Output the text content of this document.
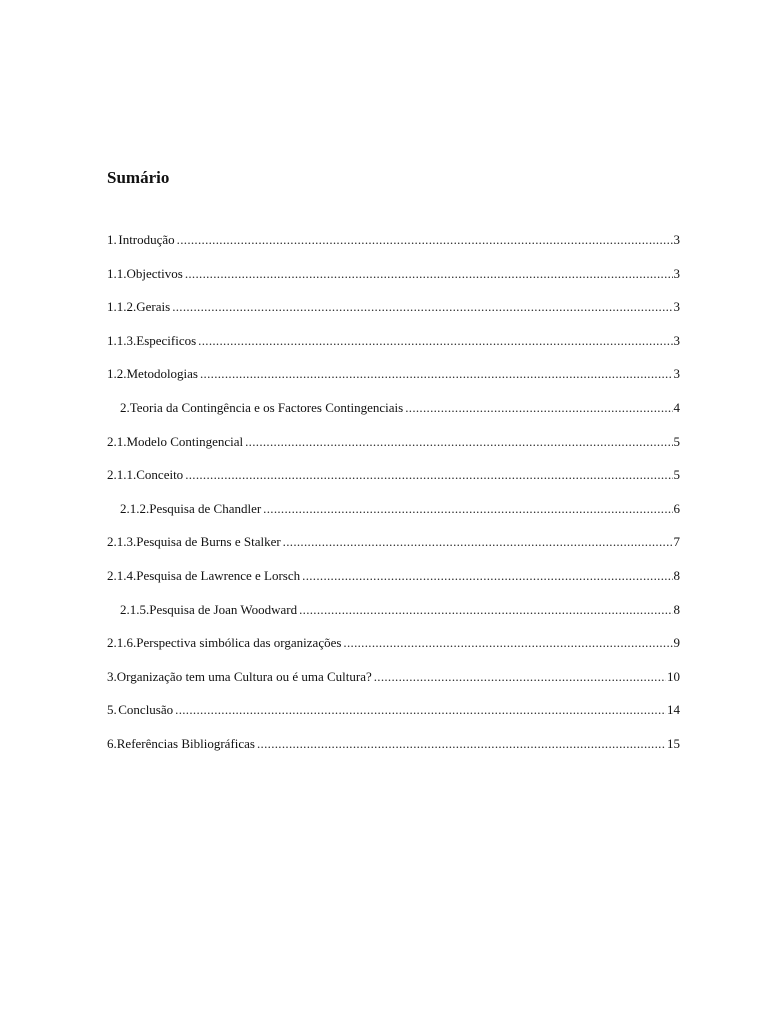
Sumário
1. Introdução .....	3
1.1. Objectivos .....	3
1.1.2. Gerais .....	3
1.1.3. Especificos .....	3
1.2. Metodologias .....	3
2. Teoria da Contingência e os Factores Contingenciais .....	4
2.1. Modelo Contingencial .....	5
2.1.1. Conceito .....	5
2.1.2. Pesquisa de Chandler .....	6
2.1.3. Pesquisa de Burns e Stalker .....	7
2.1.4. Pesquisa de Lawrence e Lorsch .....	8
2.1.5. Pesquisa de Joan Woodward .....	8
2.1.6. Perspectiva simbólica das organizações .....	9
3. Organização tem uma Cultura ou é uma Cultura? .....	10
5. Conclusão .....	14
6. Referências Bibliográficas .....	15
